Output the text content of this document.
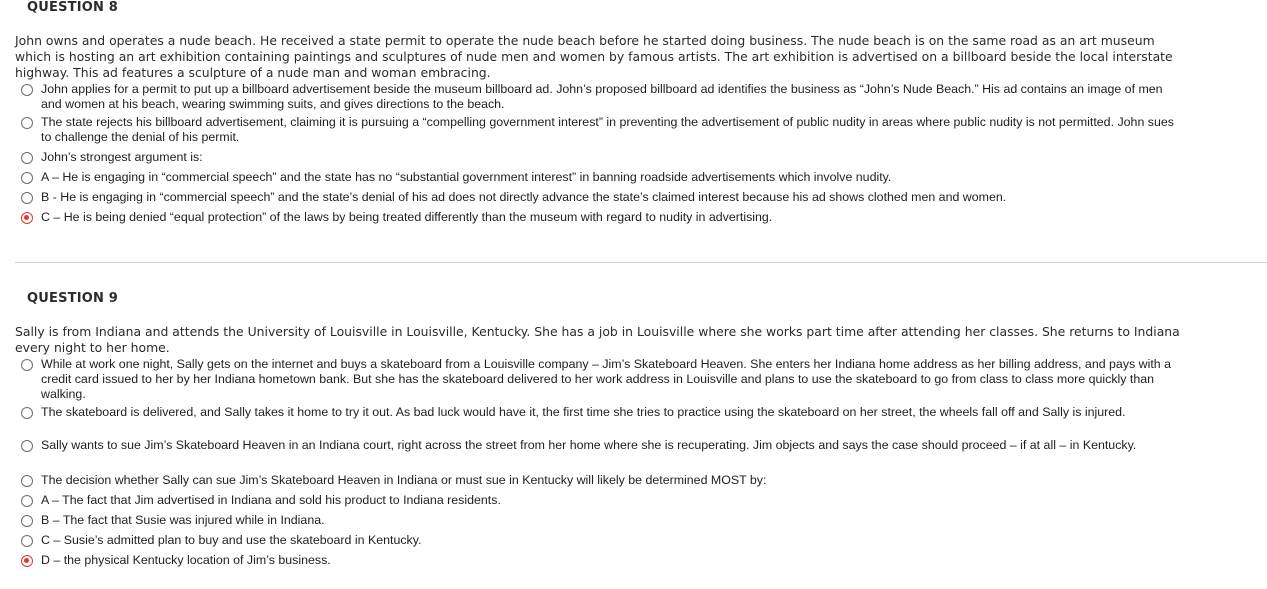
QUESTION 8
John owns and operates a nude beach. He received a state permit to operate the nude beach before he started doing business. The nude beach is on the same road as an art museum which is hosting an art exhibition containing paintings and sculptures of nude men and women by famous artists. The art exhibition is advertised on a billboard beside the local interstate highway. This ad features a sculpture of a nude man and woman embracing.
John applies for a permit to put up a billboard advertisement beside the museum billboard ad. John’s proposed billboard ad identifies the business as “John’s Nude Beach.” His ad contains an image of men and women at his beach, wearing swimming suits, and gives directions to the beach.
The state rejects his billboard advertisement, claiming it is pursuing a “compelling government interest” in preventing the advertisement of public nudity in areas where public nudity is not permitted. John sues to challenge the denial of his permit.
John’s strongest argument is:
A – He is engaging in “commercial speech” and the state has no “substantial government interest” in banning roadside advertisements which involve nudity.
B - He is engaging in “commercial speech” and the state’s denial of his ad does not directly advance the state’s claimed interest because his ad shows clothed men and women.
C – He is being denied “equal protection” of the laws by being treated differently than the museum with regard to nudity in advertising.
QUESTION 9
Sally is from Indiana and attends the University of Louisville in Louisville, Kentucky. She has a job in Louisville where she works part time after attending her classes. She returns to Indiana every night to her home.
While at work one night, Sally gets on the internet and buys a skateboard from a Louisville company – Jim’s Skateboard Heaven. She enters her Indiana home address as her billing address, and pays with a credit card issued to her by her Indiana hometown bank. But she has the skateboard delivered to her work address in Louisville and plans to use the skateboard to go from class to class more quickly than walking.
The skateboard is delivered, and Sally takes it home to try it out. As bad luck would have it, the first time she tries to practice using the skateboard on her street, the wheels fall off and Sally is injured.
Sally wants to sue Jim’s Skateboard Heaven in an Indiana court, right across the street from her home where she is recuperating. Jim objects and says the case should proceed – if at all – in Kentucky.
The decision whether Sally can sue Jim’s Skateboard Heaven in Indiana or must sue in Kentucky will likely be determined MOST by:
A – The fact that Jim advertised in Indiana and sold his product to Indiana residents.
B – The fact that Susie was injured while in Indiana.
C – Susie’s admitted plan to buy and use the skateboard in Kentucky.
D – the physical Kentucky location of Jim’s business.
